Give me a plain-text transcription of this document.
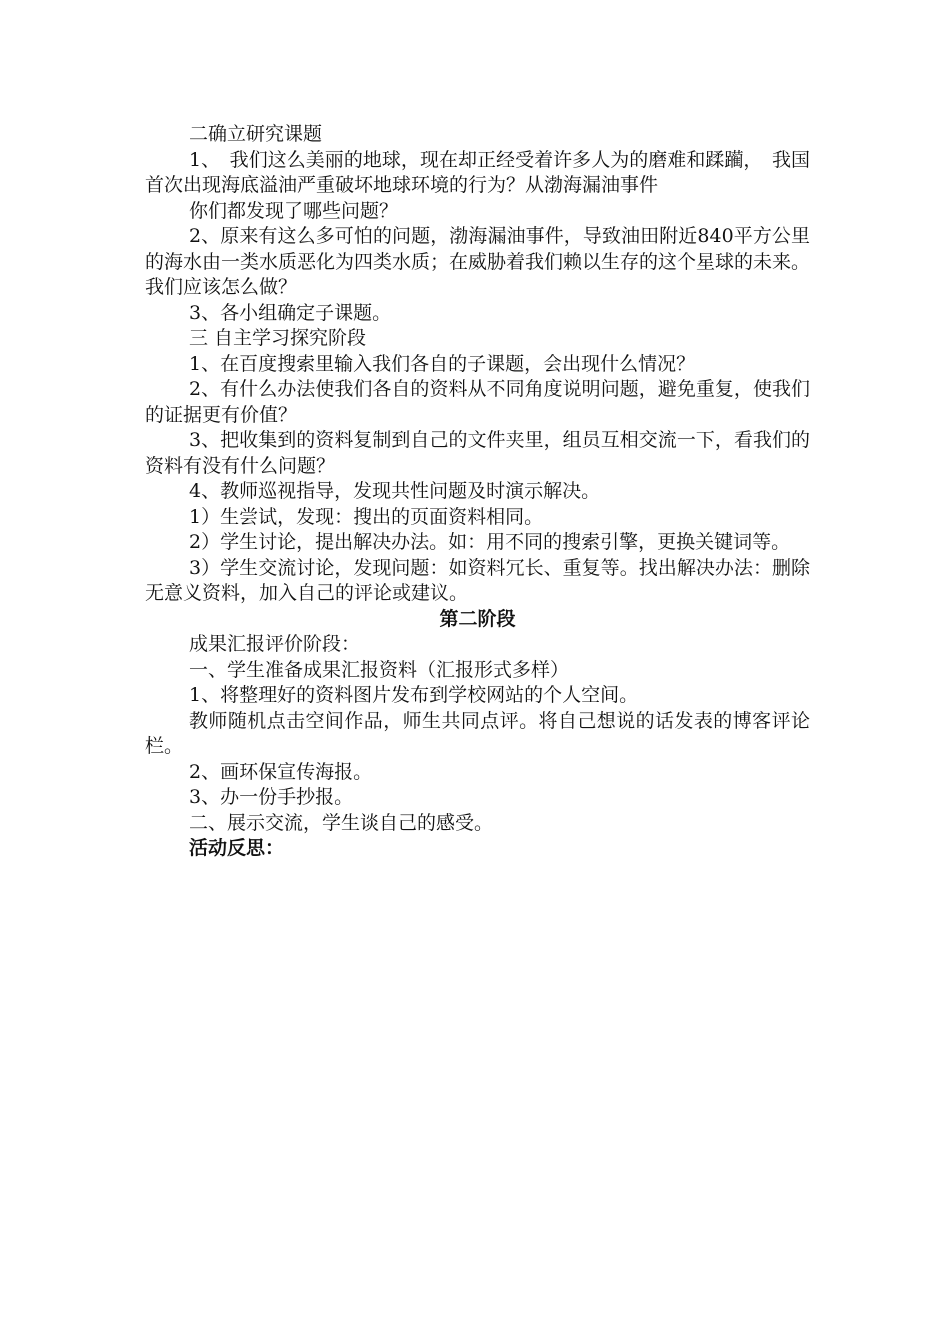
二确立研究课题

1、　我们这么美丽的地球，现在却正经受着许多人为的磨难和蹂躏，　我国首次出现海底溢油严重破坏地球环境的行为？从渤海漏油事件

你们都发现了哪些问题？

2、原来有这么多可怕的问题，渤海漏油事件，导致油田附近840平方公里的海水由一类水质恶化为四类水质；在威胁着我们赖以生存的这个星球的未来。我们应该怎么做？

3、各小组确定子课题。

三 自主学习探究阶段

1、在百度搜索里输入我们各自的子课题，会出现什么情况？

2、有什么办法使我们各自的资料从不同角度说明问题，避免重复，使我们的证据更有价值？

3、把收集到的资料复制到自己的文件夹里，组员互相交流一下，看我们的资料有没有什么问题？

4、教师巡视指导，发现共性问题及时演示解决。

1）生尝试，发现：搜出的页面资料相同。

2）学生讨论，提出解决办法。如：用不同的搜索引擎，更换关键词等。

3）学生交流讨论，发现问题：如资料冗长、重复等。找出解决办法：删除无意义资料，加入自己的评论或建议。

第二阶段

成果汇报评价阶段：

一、学生准备成果汇报资料（汇报形式多样）

1、将整理好的资料图片发布到学校网站的个人空间。

教师随机点击空间作品，师生共同点评。将自己想说的话发表的博客评论栏。

2、画环保宣传海报。

3、办一份手抄报。

二、展示交流，学生谈自己的感受。

活动反思：
